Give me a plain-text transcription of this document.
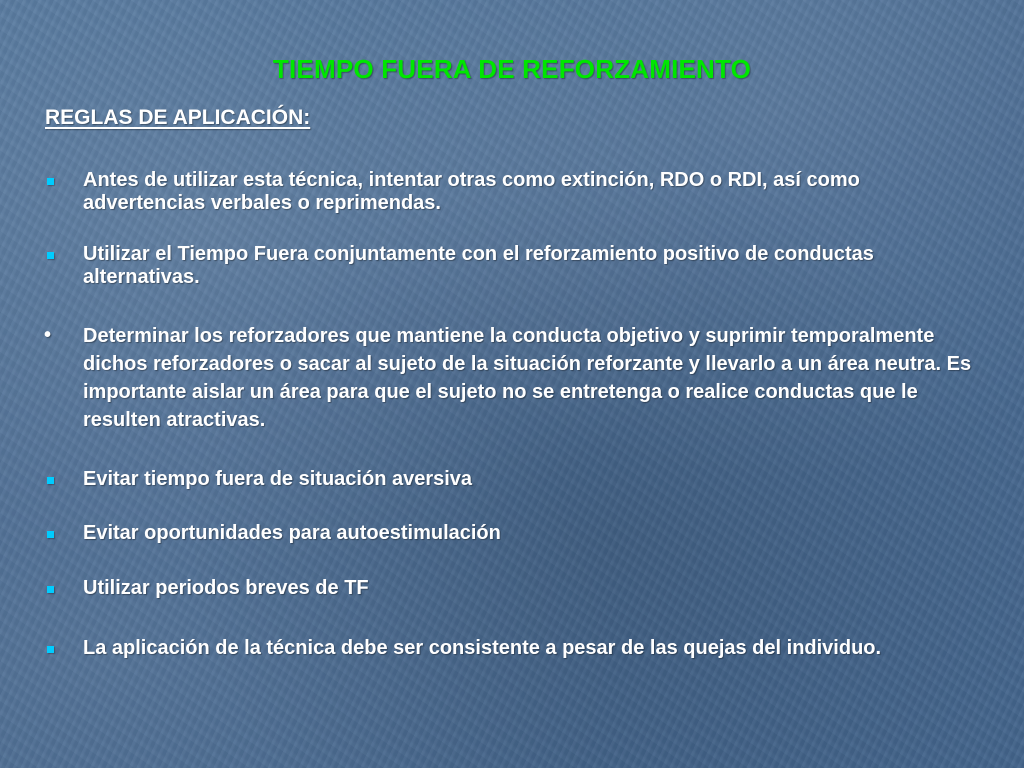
TIEMPO FUERA DE REFORZAMIENTO
REGLAS DE APLICACIÓN:
Antes de utilizar esta técnica, intentar otras como extinción, RDO o RDI, así como advertencias verbales o reprimendas.
Utilizar el Tiempo Fuera conjuntamente con el reforzamiento positivo de conductas alternativas.
• Determinar los reforzadores que mantiene la conducta objetivo y suprimir temporalmente dichos reforzadores o sacar al sujeto de la situación reforzante y llevarlo a un área neutra. Es importante aislar un área para que el sujeto no se entretenga o realice conductas que le resulten atractivas.
Evitar tiempo fuera de situación aversiva
Evitar oportunidades para autoestimulación
Utilizar periodos breves de TF
La aplicación de la técnica debe ser consistente a pesar de las quejas del individuo.
